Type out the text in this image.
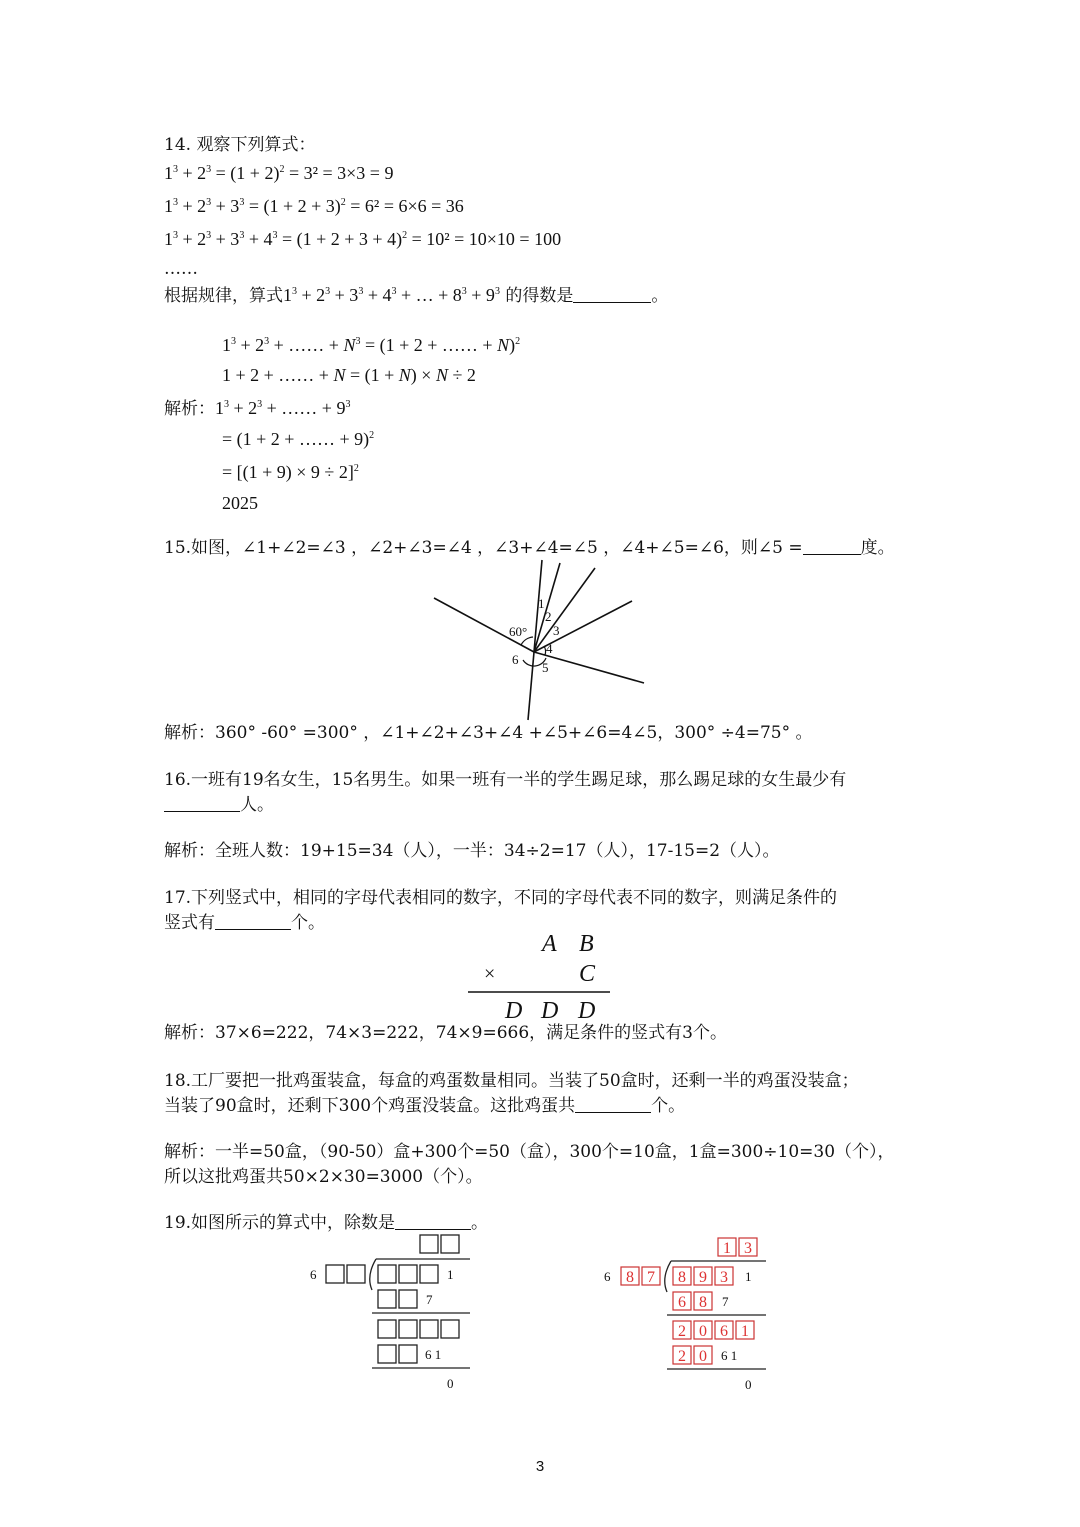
14. 观察下列算式：
$1^3 + 2^3 = (1 + 2)^2 = 3^2 = 3\times 3 = 9$
$1^3 + 2^3 + 3^3 = (1 + 2 + 3)^2 = 6^2 = 6\times 6 = 36$
$1^3 + 2^3 + 3^3 + 4^3 = (1 + 2 + 3 + 4)^2 = 10^2 = 10\times 10 = 100$
……
根据规律，算式$1^3 + 2^3 + 3^3 + 4^3$ + … + $8^3 + 9^3$ 的得数是	。
$1^3 + 2^3$ + …… + $N^3 = (1 + 2$ + …… + N)$^2$
1 + 2 + …… + N = (1 + N) × N ÷ 2
解析：$1^3 + 2^3$ + …… + $9^3$
= (1 + 2 + …… + 9)$^2$
= $[(1 + 9) \times 9 \div 2]^2$
2025
15.如图，∠1+∠2=∠3 ，∠2+∠3=∠4 ，∠3+∠4=∠5 ，∠4+∠5=∠6，则∠5 =	度。
60°
1
2
3
4
5
6
解析：360° -60° =300° ，∠1+∠2+∠3+∠4 +∠5+∠6=4∠5，300° ÷4=75° 。
16.一班有19名女生，15名男生。如果一班有一半的学生踢足球，那么踢足球的女生最少有
人。
解析：全班人数：19+15=34（人），一半：34÷2=17（人），17-15=2（人）。
17.下列竖式中，相同的字母代表相同的数字，不同的字母代表不同的数字，则满足条件的
竖式有	个。
A B
C
D D D
×
解析：37×6=222，74×3=222，74×9=666，满足条件的竖式有3个。
18.工厂要把一批鸡蛋装盒，每盒的鸡蛋数量相同。当装了50盒时，还剩一半的鸡蛋没装盒；
当装了90盒时，还剩下300个鸡蛋没装盒。这批鸡蛋共	个。
解析：一半=50盒，（90-50）盒+300个=50（盒），300个=10盒，1盒=300÷10=30（个），
所以这批鸡蛋共50×2×30=3000（个）。
19.如图所示的算式中，除数是	。
6	1
7
6 1
0
1 3
8 7 8 9 3
6 8
2 0 6 1
2 0
6	1
7
6 1
0
3
